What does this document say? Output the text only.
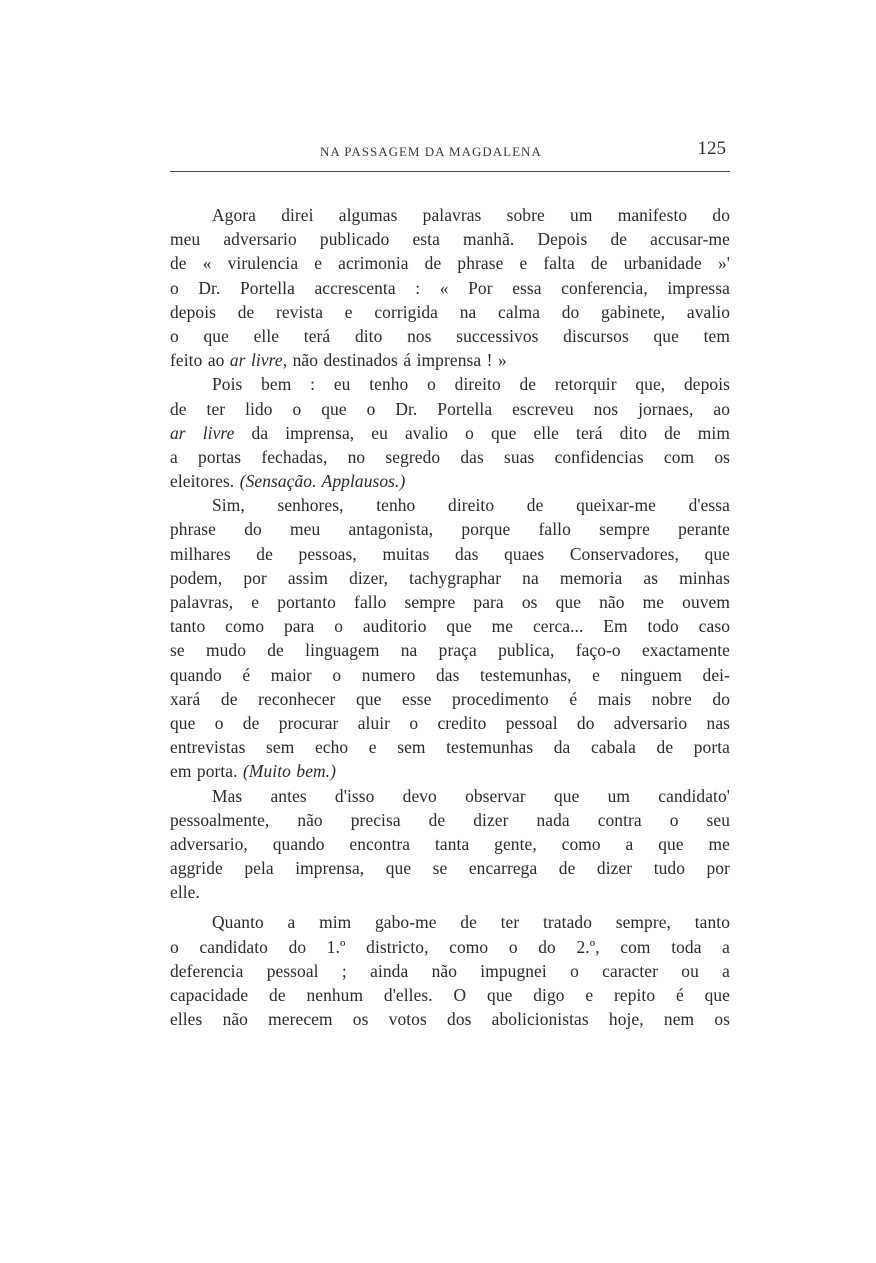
NA PASSAGEM DA MAGDALENA	125
Agora direi algumas palavras sobre um manifesto do
meu adversario publicado esta manhã. Depois de accusar-me
de « virulencia e acrimonia de phrase e falta de urbanidade »'
o Dr. Portella accrescenta : « Por essa conferencia, impressa
depois de revista e corrigida na calma do gabinete, avalio
o que elle terá dito nos successivos discursos que tem
feito ao ar livre, não destinados á imprensa ! »
Pois bem : eu tenho o direito de retorquir que, depois
de ter lido o que o Dr. Portella escreveu nos jornaes, ao
ar livre da imprensa, eu avalio o que elle terá dito de mim
a portas fechadas, no segredo das suas confidencias com os
eleitores. (Sensação. Applausos.)
Sim, senhores, tenho direito de queixar-me d'essa
phrase do meu antagonista, porque fallo sempre perante
milhares de pessoas, muitas das quaes Conservadores, que
podem, por assim dizer, tachygraphar na memoria as minhas
palavras, e portanto fallo sempre para os que não me ouvem
tanto como para o auditorio que me cerca... Em todo caso
se mudo de linguagem na praça publica, faço-o exactamente
quando é maior o numero das testemunhas, e ninguem dei-
xará de reconhecer que esse procedimento é mais nobre do
que o de procurar aluir o credito pessoal do adversario nas
entrevistas sem echo e sem testemunhas da cabala de porta
em porta. (Muito bem.)
Mas antes d'isso devo observar que um candidato'
pessoalmente, não precisa de dizer nada contra o seu
adversario, quando encontra tanta gente, como a que me
aggride pela imprensa, que se encarrega de dizer tudo por
elle.
Quanto a mim gabo-me de ter tratado sempre, tanto
o candidato do 1.º districto, como o do 2.º, com toda a
deferencia pessoal ; ainda não impugnei o caracter ou a
capacidade de nenhum d'elles. O que digo e repito é que
elles não merecem os votos dos abolicionistas hoje, nem os
